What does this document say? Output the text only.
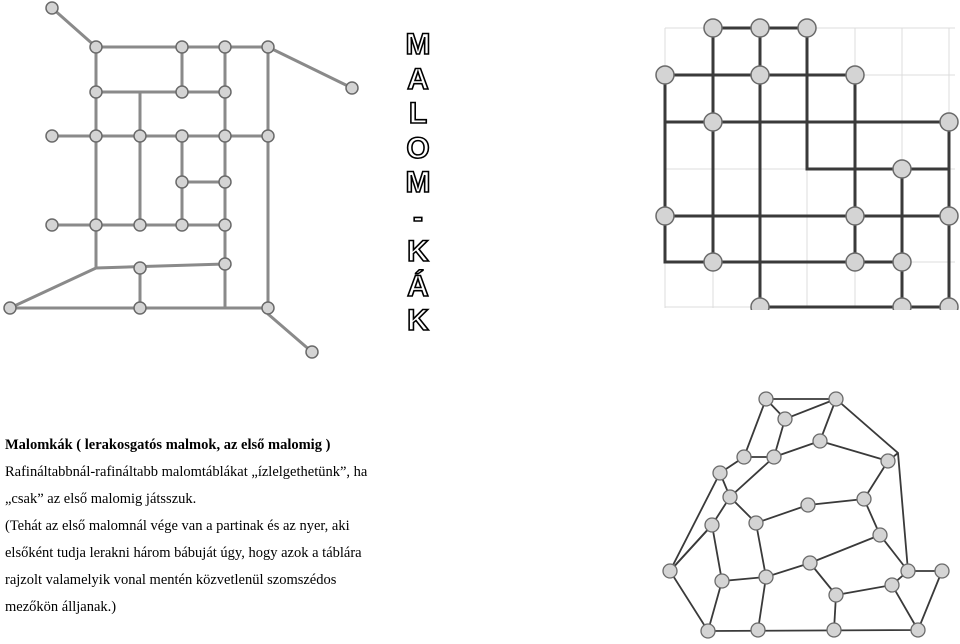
M
A
L
O
M
-
K
Á
K

Malomkák ( lerakosgatós malmok, az első malomig )

Rafináltabbnál-rafináltabb malomtáblákat „ízlelgethetünk”, ha

„csak” az első malomig játsszuk.

(Tehát az első malomnál vége van a partinak és az nyer, aki

elsőként tudja lerakni három bábuját úgy, hogy azok a táblára

rajzolt valamelyik vonal mentén közvetlenül szomszédos

mezőkön álljanak.)
